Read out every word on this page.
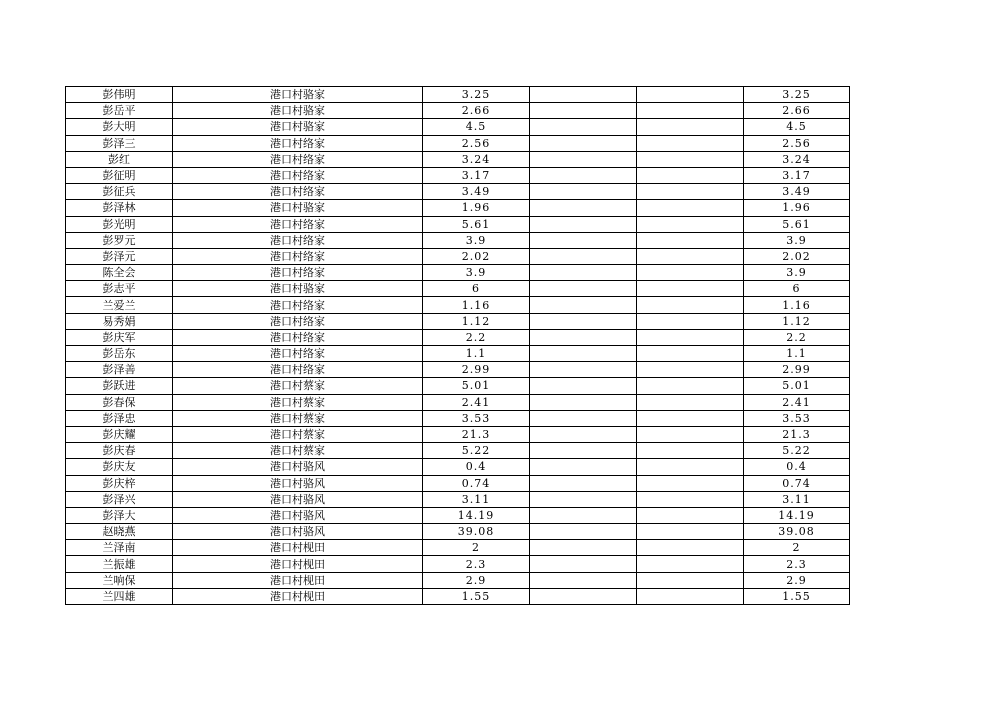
彭伟明	港口村骆家	3.25			3.25
彭岳平	港口村骆家	2.66			2.66
彭大明	港口村骆家	4.5			4.5
彭泽三	港口村络家	2.56			2.56
彭红	港口村络家	3.24			3.24
彭征明	港口村络家	3.17			3.17
彭征兵	港口村络家	3.49			3.49
彭泽林	港口村骆家	1.96			1.96
彭光明	港口村络家	5.61			5.61
彭罗元	港口村络家	3.9			3.9
彭泽元	港口村络家	2.02			2.02
陈全会	港口村络家	3.9			3.9
彭志平	港口村骆家	6			6
兰爱兰	港口村络家	1.16			1.16
易秀娟	港口村络家	1.12			1.12
彭庆军	港口村络家	2.2			2.2
彭岳东	港口村络家	1.1			1.1
彭泽善	港口村络家	2.99			2.99
彭跃进	港口村蔡家	5.01			5.01
彭春保	港口村蔡家	2.41			2.41
彭泽忠	港口村蔡家	3.53			3.53
彭庆耀	港口村蔡家	21.3			21.3
彭庆春	港口村蔡家	5.22			5.22
彭庆友	港口村骆风	0.4			0.4
彭庆梓	港口村骆风	0.74			0.74
彭泽兴	港口村骆风	3.11			3.11
彭泽大	港口村骆风	14.19			14.19
赵晓燕	港口村骆风	39.08			39.08
兰泽南	港口村枧田	2			2
兰振雄	港口村枧田	2.3			2.3
兰响保	港口村枧田	2.9			2.9
兰四雄	港口村枧田	1.55			1.55
